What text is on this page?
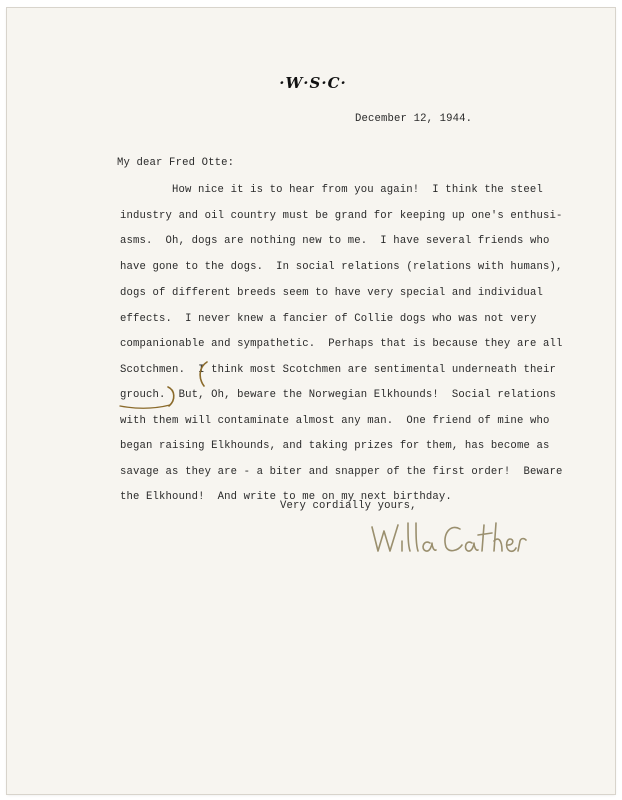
·W·S·C·
December 12, 1944.
My dear Fred Otte:
How nice it is to hear from you again!  I think the steel
industry and oil country must be grand for keeping up one's enthusi-
asms.  Oh, dogs are nothing new to me.  I have several friends who
have gone to the dogs.  In social relations (relations with humans),
dogs of different breeds seem to have very special and individual
effects.  I never knew a fancier of Collie dogs who was not very
companionable and sympathetic.  Perhaps that is because they are all
Scotchmen.  I think most Scotchmen are sentimental underneath their
grouch.  But, Oh, beware the Norwegian Elkhounds!  Social relations
with them will contaminate almost any man.  One friend of mine who
began raising Elkhounds, and taking prizes for them, has become as
savage as they are - a biter and snapper of the first order!  Beware
the Elkhound!  And write to me on my next birthday.
Very cordially yours,
